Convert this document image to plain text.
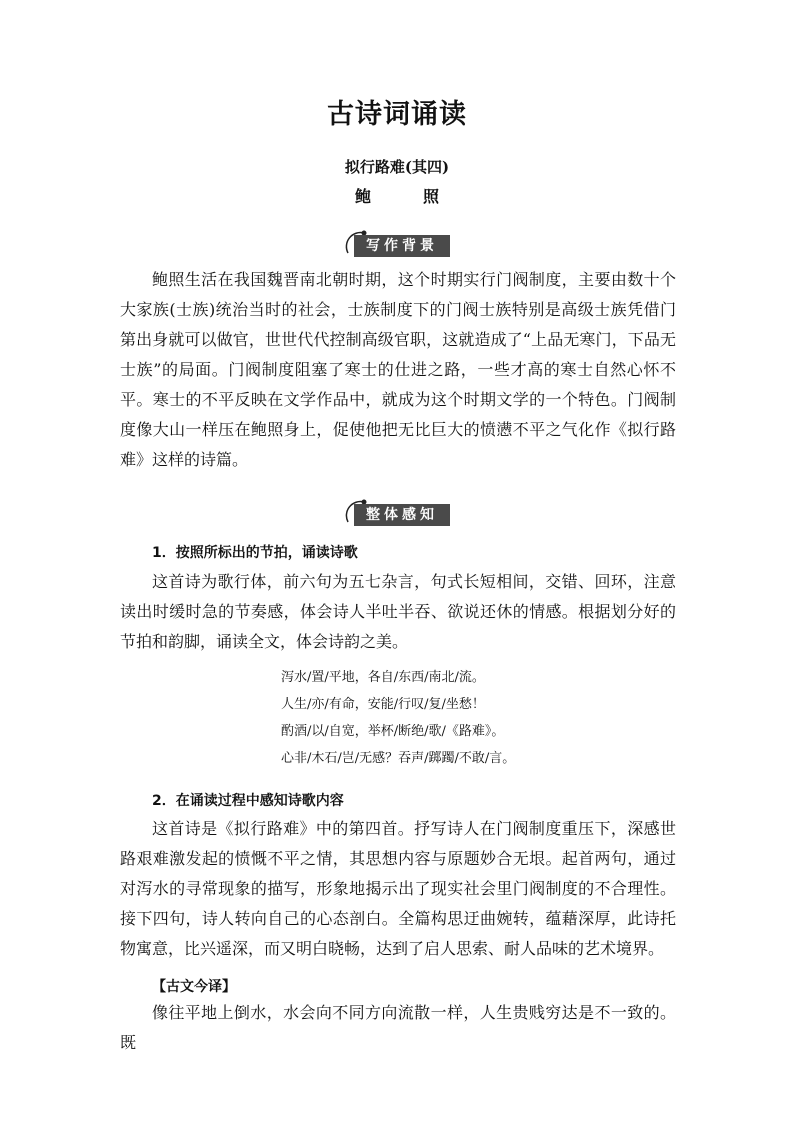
古诗词诵读
拟行路难(其四)
鲍　照
写作背景

鲍照生活在我国魏晋南北朝时期，这个时期实行门阀制度，主要由数十个大家族(士族)统治当时的社会，士族制度下的门阀士族特别是高级士族凭借门第出身就可以做官，世世代代控制高级官职，这就造成了“上品无寒门，下品无士族”的局面。门阀制度阻塞了寒士的仕进之路，一些才高的寒士自然心怀不平。寒士的不平反映在文学作品中，就成为这个时期文学的一个特色。门阀制度像大山一样压在鲍照身上，促使他把无比巨大的愤懑不平之气化作《拟行路难》这样的诗篇。

整体感知
1．按照所标出的节拍，诵读诗歌

这首诗为歌行体，前六句为五七杂言，句式长短相间，交错、回环，注意读出时缓时急的节奏感，体会诗人半吐半吞、欲说还休的情感。根据划分好的节拍和韵脚，诵读全文，体会诗韵之美。

泻水/置/平地，各自/东西/南北/流。
人生/亦/有命，安能/行叹/复/坐愁！
酌酒/以/自宽，举杯/断绝/歌/《路难》。
心非/木石/岂/无感？吞声/踯躅/不敢/言。
2．在诵读过程中感知诗歌内容

这首诗是《拟行路难》中的第四首。抒写诗人在门阀制度重压下，深感世路艰难激发起的愤慨不平之情，其思想内容与原题妙合无垠。起首两句，通过对泻水的寻常现象的描写，形象地揭示出了现实社会里门阀制度的不合理性。接下四句，诗人转向自己的心态剖白。全篇构思迂曲婉转，蕴藉深厚，此诗托物寓意，比兴遥深，而又明白晓畅，达到了启人思索、耐人品味的艺术境界。

【古文今译】

像往平地上倒水，水会向不同方向流散一样，人生贵贱穷达是不一致的。既
